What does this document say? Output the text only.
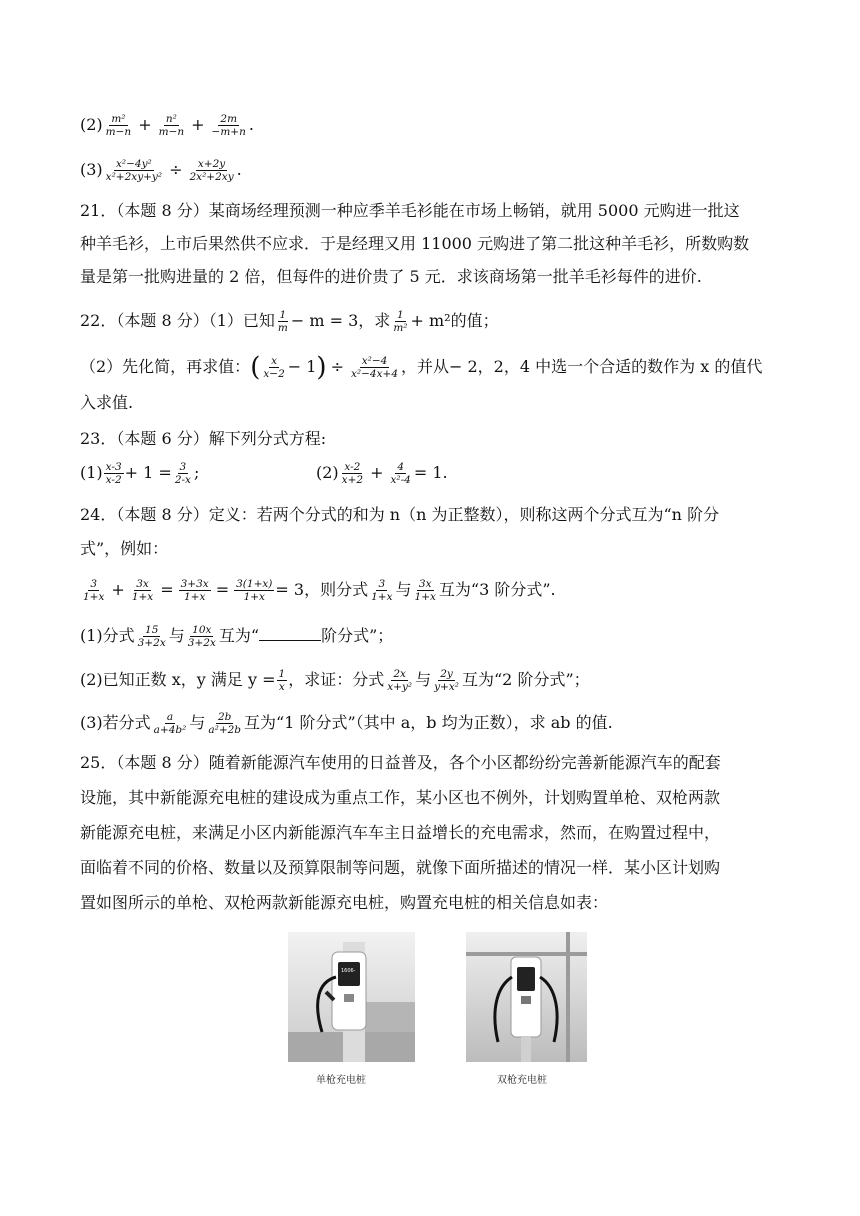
$(2) \frac{\text{m²}}{m-n} + \frac{\text{n²}}{m-n} + \frac{2m}{-m+n}$ .
$(3) \frac{\text{x²−4y²}}{\text{x²+2xy+y²}} \div \frac{x+2y}{\text{2x²+2xy}}$ .
21．（本题 8 分）某商场经理预测一种应季羊毛衫能在市场上畅销，就用 5000 元购进一批这
种羊毛衫，上市后果然供不应求．于是经理又用 11000 元购进了第二批这种羊毛衫，所数购数
量是第一批购进量的 2 倍，但每件的进价贵了 5 元．求该商场第一批羊毛衫每件的进价.
22．（本题 8 分）（1）已知 $\frac{1}{m} - m = 3$，求 $\frac{1}{\text{m²}} + m^2$的值；
（2）先化简，再求值：( $\frac{x}{x-2} - 1) \div \frac{\text{x²−4}}{\text{x²−4x+4}}$ ，并从− 2，2，4 中选一个合适的数作为 x 的值代
入求值.
23．（本题 6 分）解下列分式方程:
$(1) \frac{x-3}{x-2} + 1 = \frac{3}{2-x}$ ;	$(2) \frac{x-2}{x+2} + \frac{4}{\text{x²-4}} = 1$.
24．（本题 8 分）定义：若两个分式的和为 n（n 为正整数），则称这两个分式互为“n 阶分
式”，例如：
$\frac{3}{1+x} + \frac{3x}{1+x} = \frac{3+3x}{1+x} = \frac{3(1+x)}{1+x} = 3$，则分式 $\frac{3}{1+x}$ 与 $\frac{3x}{1+x}$ 互为“3 阶分式”.
(1)分式 $\frac{15}{3+2x}$ 与 $\frac{10x}{3+2x}$ 互为“	阶分式”；
(2)已知正数 x，y 满足 $y = \frac{1}{x}$ ，求证：分式 $\frac{2x}{\text{x+y²}}$ 与 $\frac{2y}{\text{y+x²}}$ 互为“2 阶分式”；
(3)若分式 $\frac{a}{\text{a+4b²}}$ 与 $\frac{2b}{\text{a²+2b}}$ 互为“1 阶分式”（其中 a，b 均为正数），求 ab 的值.
25．（本题 8 分）随着新能源汽车使用的日益普及，各个小区都纷纷完善新能源汽车的配套
设施，其中新能源充电桩的建设成为重点工作，某小区也不例外，计划购置单枪、双枪两款
新能源充电桩，来满足小区内新能源汽车车主日益增长的充电需求，然而，在购置过程中，
面临着不同的价格、数量以及预算限制等问题，就像下面所描述的情况一样．某小区计划购
置如图所示的单枪、双枪两款新能源充电桩，购置充电桩的相关信息如表：
1606-
单枪充电桩	双枪充电桩
